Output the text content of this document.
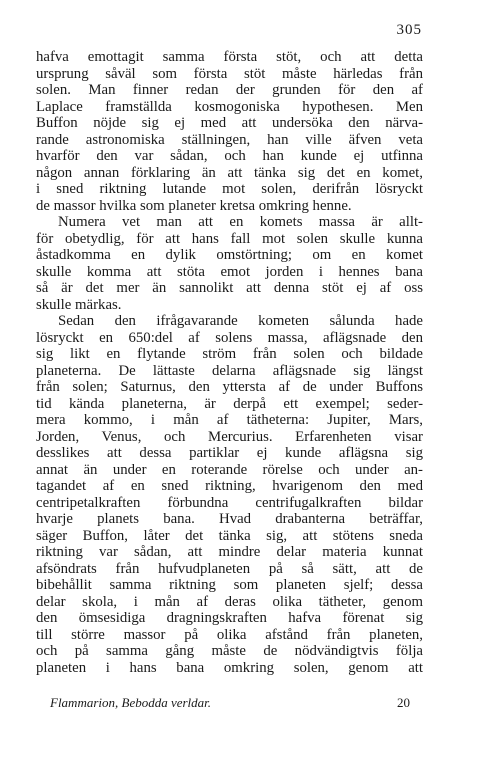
305
hafva emottagit samma första stöt, och att detta
ursprung såväl som första stöt måste härledas från
solen. Man finner redan der grunden för den af
Laplace framställda kosmogoniska hypothesen. Men
Buffon nöjde sig ej med att undersöka den närva-
rande astronomiska ställningen, han ville äfven veta
hvarför den var sådan, och han kunde ej utfinna
någon annan förklaring än att tänka sig det en komet,
i sned riktning lutande mot solen, derifrån lösryckt
de massor hvilka som planeter kretsa omkring henne.
Numera vet man att en komets massa är allt-
för obetydlig, för att hans fall mot solen skulle kunna
åstadkomma en dylik omstörtning; om en komet
skulle komma att stöta emot jorden i hennes bana
så är det mer än sannolikt att denna stöt ej af oss
skulle märkas.
Sedan den ifrågavarande kometen sålunda hade
lösryckt en 650:del af solens massa, aflägsnade den
sig likt en flytande ström från solen och bildade
planeterna. De lättaste delarna aflägsnade sig längst
från solen; Saturnus, den yttersta af de under Buffons
tid kända planeterna, är derpå ett exempel; seder-
mera kommo, i mån af tätheterna: Jupiter, Mars,
Jorden, Venus, och Mercurius. Erfarenheten visar
desslikes att dessa partiklar ej kunde aflägsna sig
annat än under en roterande rörelse och under an-
tagandet af en sned riktning, hvarigenom den med
centripetalkraften förbundna centrifugalkraften bildar
hvarje planets bana. Hvad drabanterna beträffar,
säger Buffon, låter det tänka sig, att stötens sneda
riktning var sådan, att mindre delar materia kunnat
afsöndrats från hufvudplaneten på så sätt, att de
bibehållit samma riktning som planeten sjelf; dessa
delar skola, i mån af deras olika tätheter, genom
den ömsesidiga dragningskraften hafva förenat sig
till större massor på olika afstånd från planeten,
och på samma gång måste de nödvändigtvis följa
planeten i hans bana omkring solen, genom att
Flammarion, Bebodda verldar.	20
